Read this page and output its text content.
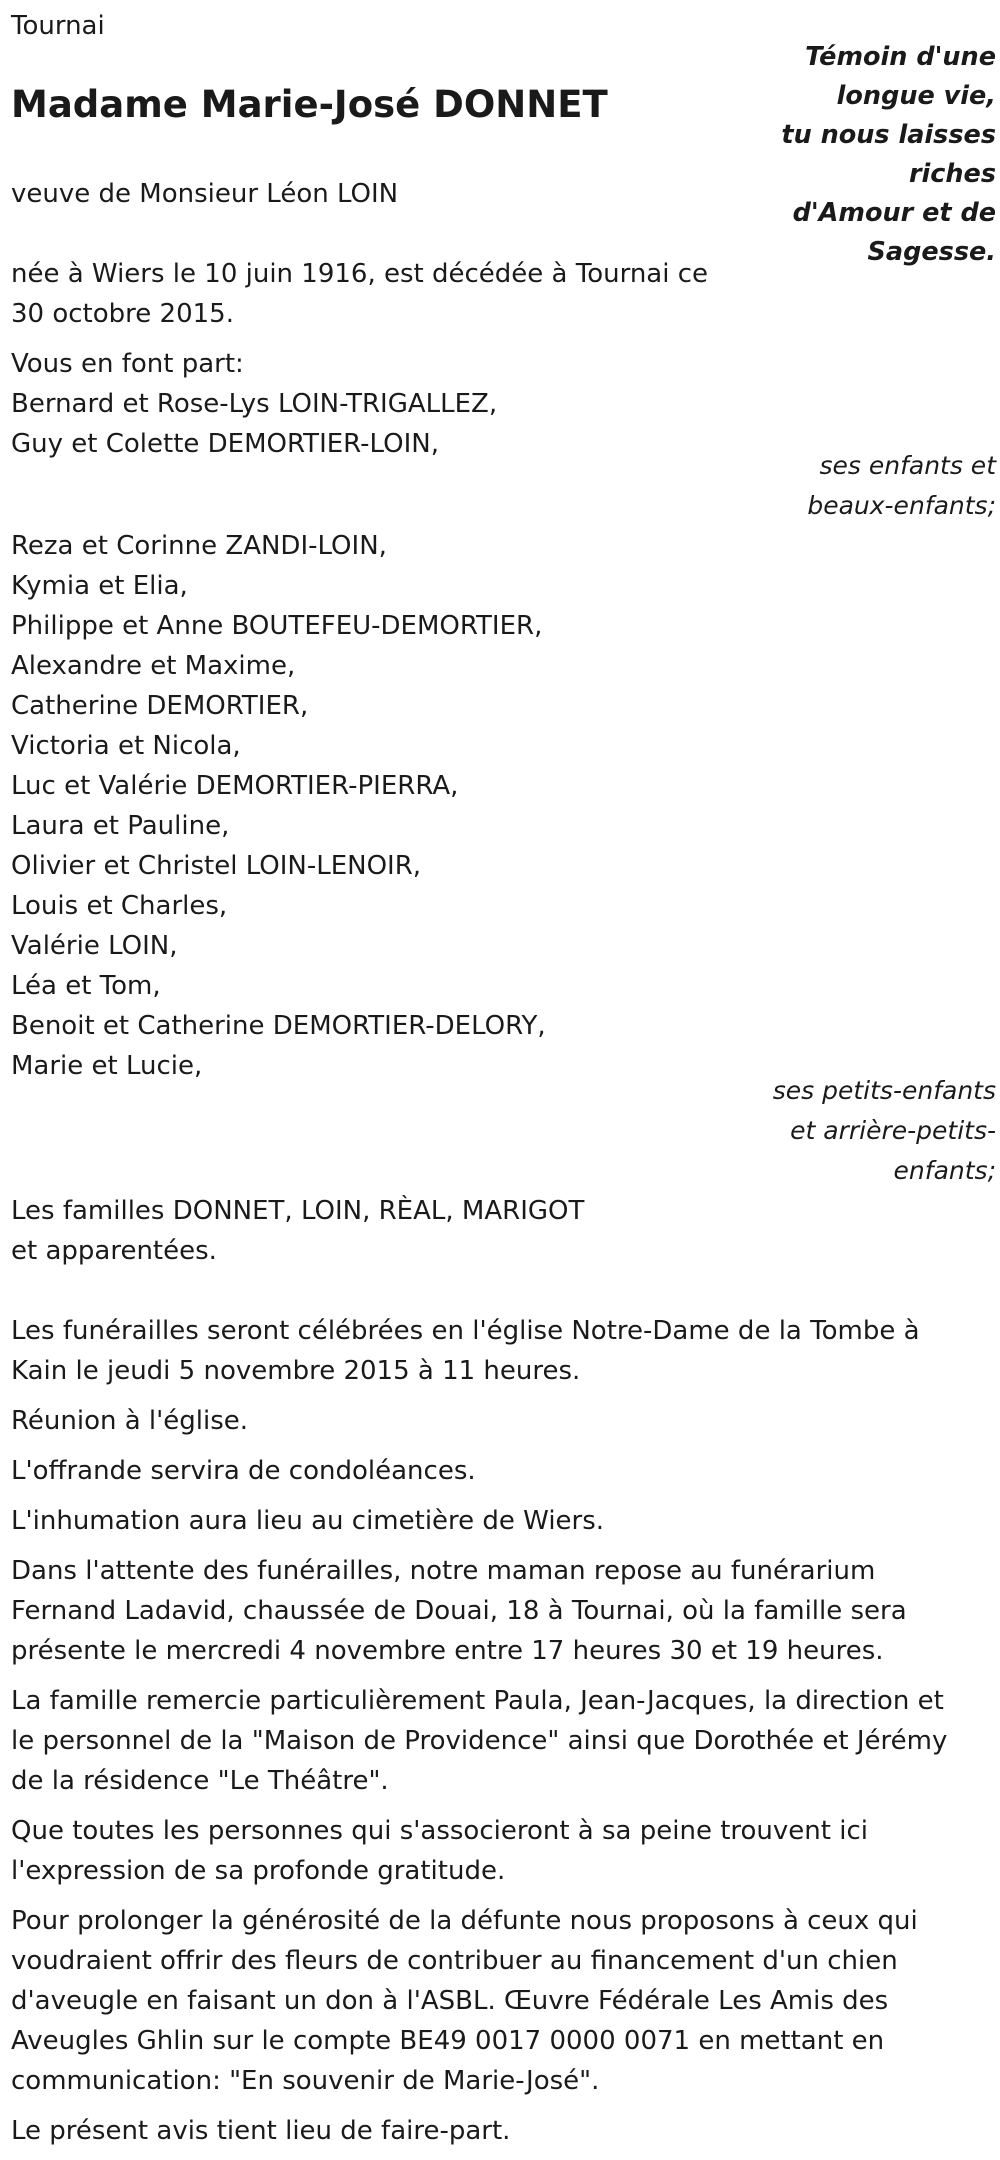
Tournai

Madame Marie-José DONNET

veuve de Monsieur Léon LOIN

Témoin d'une

longue vie,

tu nous laisses

riches

d'Amour et de

Sagesse.

née à Wiers le 10 juin 1916, est décédée à Tournai ce

30 octobre 2015.

Vous en font part:

Bernard et Rose-Lys LOIN-TRIGALLEZ,

Guy et Colette DEMORTIER-LOIN,

ses enfants et

beaux-enfants;

Reza et Corinne ZANDI-LOIN,

Kymia et Elia,

Philippe et Anne BOUTEFEU-DEMORTIER,

Alexandre et Maxime,

Catherine DEMORTIER,

Victoria et Nicola,

Luc et Valérie DEMORTIER-PIERRA,

Laura et Pauline,

Olivier et Christel LOIN-LENOIR,

Louis et Charles,

Valérie LOIN,

Léa et Tom,

Benoit et Catherine DEMORTIER-DELORY,

Marie et Lucie,

ses petits-enfants

et arrière-petits-

enfants;

Les familles DONNET, LOIN, RÈAL, MARIGOT

et apparentées.

Les funérailles seront célébrées en l'église Notre-Dame de la Tombe à

Kain le jeudi 5 novembre 2015 à 11 heures.

Réunion à l'église.

L'offrande servira de condoléances.

L'inhumation aura lieu au cimetière de Wiers.

Dans l'attente des funérailles, notre maman repose au funérarium

Fernand Ladavid, chaussée de Douai, 18 à Tournai, où la famille sera

présente le mercredi 4 novembre entre 17 heures 30 et 19 heures.

La famille remercie particulièrement Paula, Jean-Jacques, la direction et

le personnel de la "Maison de Providence" ainsi que Dorothée et Jérémy

de la résidence "Le Théâtre".

Que toutes les personnes qui s'associeront à sa peine trouvent ici

l'expression de sa profonde gratitude.

Pour prolonger la générosité de la défunte nous proposons à ceux qui

voudraient offrir des fleurs de contribuer au financement d'un chien

d'aveugle en faisant un don à l'ASBL. Œuvre Fédérale Les Amis des

Aveugles Ghlin sur le compte BE49 0017 0000 0071 en mettant en

communication: "En souvenir de Marie-José".

Le présent avis tient lieu de faire-part.
